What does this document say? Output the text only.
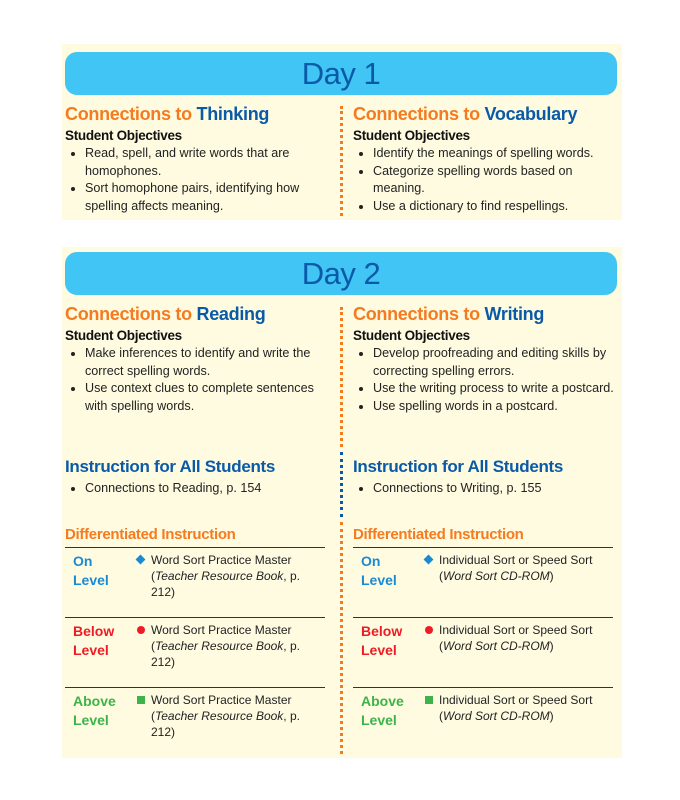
Day 1
Connections to Thinking
Student Objectives
• Read, spell, and write words that are homophones.
• Sort homophone pairs, identifying how spelling affects meaning.
Connections to Vocabulary
Student Objectives
• Identify the meanings of spelling words.
• Categorize spelling words based on meaning.
• Use a dictionary to find respellings.
Day 2
Connections to Reading
Student Objectives
• Make inferences to identify and write the correct spelling words.
• Use context clues to complete sentences with spelling words.
Instruction for All Students
• Connections to Reading, p. 154
Differentiated Instruction
On
Level
Word Sort Practice Master
(Teacher Resource Book, p. 212)
Below
Level
Word Sort Practice Master
(Teacher Resource Book, p. 212)
Above
Level
Word Sort Practice Master
(Teacher Resource Book, p. 212)
Connections to Writing
Student Objectives
• Develop proofreading and editing skills by correcting spelling errors.
• Use the writing process to write a postcard.
• Use spelling words in a postcard.
Instruction for All Students
• Connections to Writing, p. 155
Differentiated Instruction
On
Level
Individual Sort or Speed Sort
(Word Sort CD-ROM)
Below
Level
Individual Sort or Speed Sort
(Word Sort CD-ROM)
Above
Level
Individual Sort or Speed Sort
(Word Sort CD-ROM)
